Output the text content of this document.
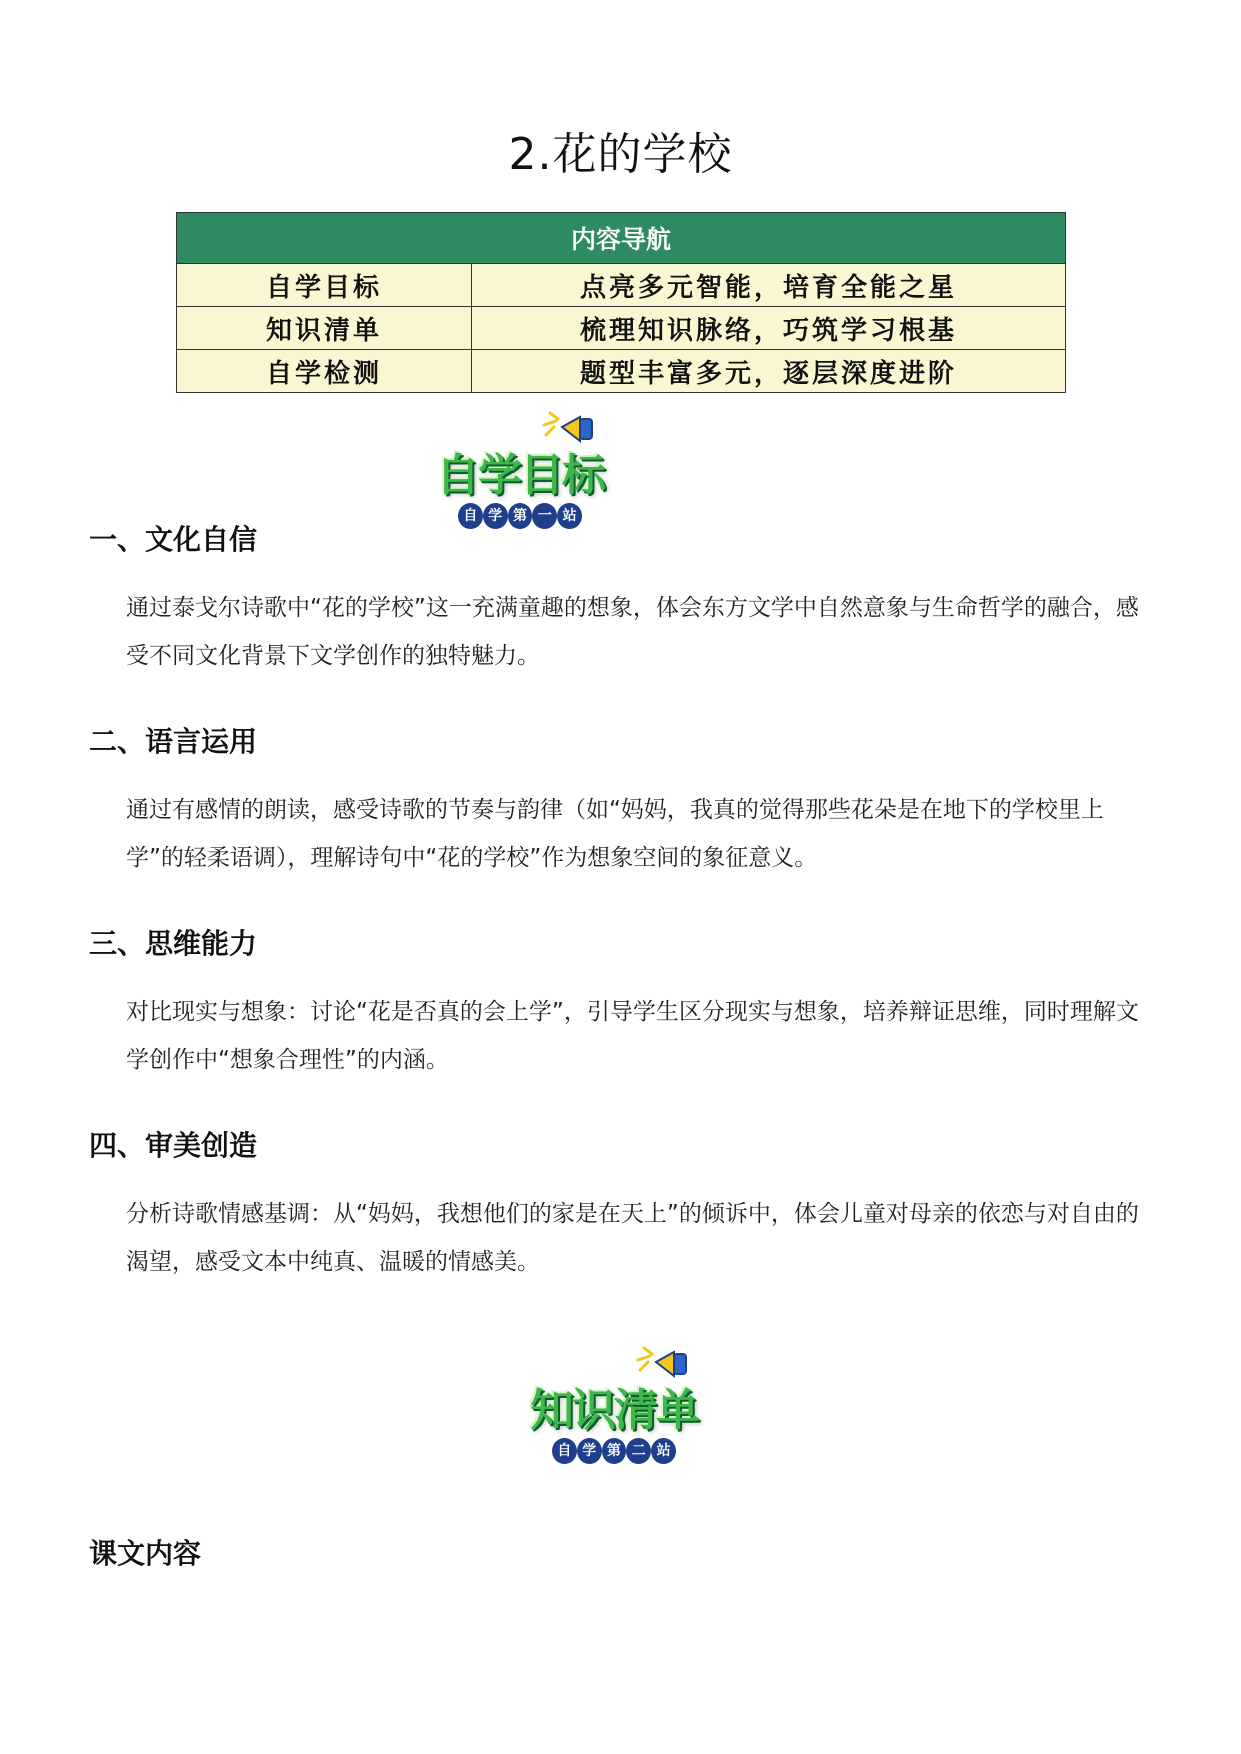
2.花的学校
内容导航	
自学目标	点亮多元智能，培育全能之星
知识清单	梳理知识脉络，巧筑学习根基
自学检测	题型丰富多元，逐层深度进阶
自学目标
自 学 第 一 站
一、文化自信
通过泰戈尔诗歌中“花的学校”这一充满童趣的想象，体会东方文学中自然意象与生命哲学的融合，感受不同文化背景下文学创作的独特魅力。
二、语言运用
通过有感情的朗读，感受诗歌的节奏与韵律（如“妈妈，我真的觉得那些花朵是在地下的学校里上学”的轻柔语调），理解诗句中“花的学校”作为想象空间的象征意义。
三、思维能力
对比现实与想象：讨论“花是否真的会上学”，引导学生区分现实与想象，培养辩证思维，同时理解文学创作中“想象合理性”的内涵。
四、审美创造
分析诗歌情感基调：从“妈妈，我想他们的家是在天上”的倾诉中，体会儿童对母亲的依恋与对自由的渴望，感受文本中纯真、温暖的情感美。
知识清单
自 学 第 二 站
课文内容
